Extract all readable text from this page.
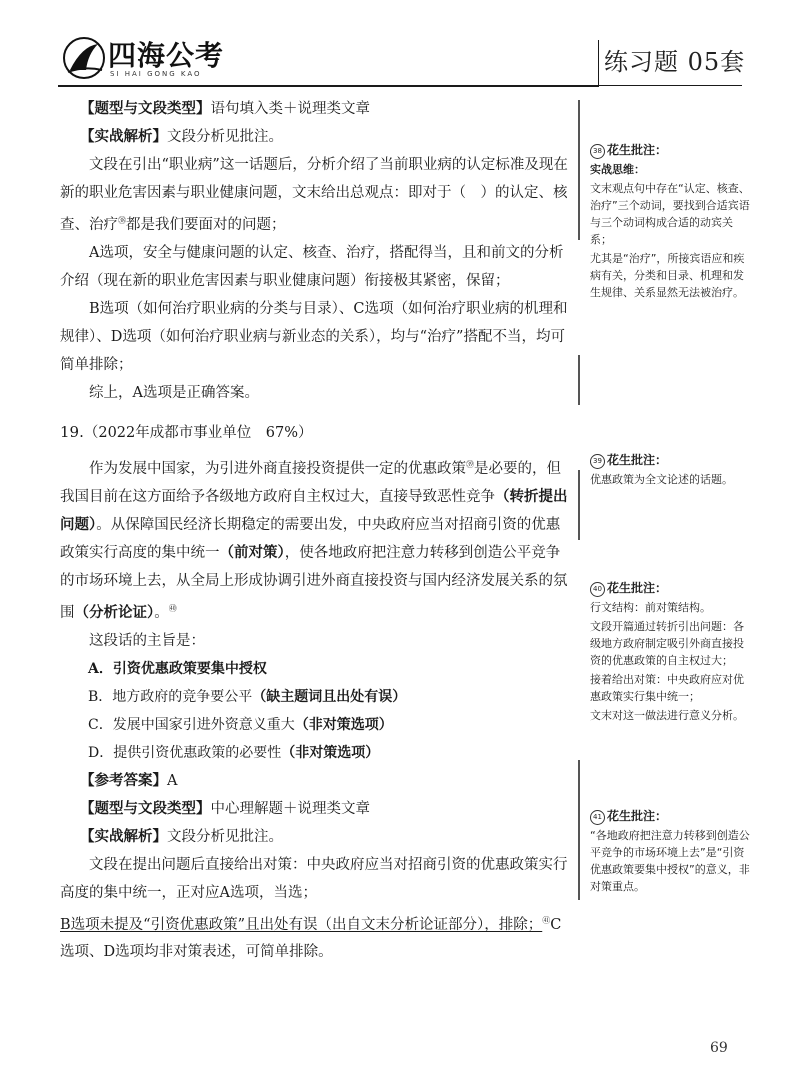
四海公考
SI HAI GONG KAO	练习题 05套

【题型与文段类型】语句填入类＋说理类文章

【实战解析】文段分析见批注。

文段在引出“职业病”这一话题后，分析介绍了当前职业病的认定标准及现在新的职业危害因素与职业健康问题，文末给出总观点：即对于（　）的认定、核查、治疗$^㊳$都是我们要面对的问题；

A选项，安全与健康问题的认定、核查、治疗，搭配得当，且和前文的分析介绍（现在新的职业危害因素与职业健康问题）衔接极其紧密，保留；

B选项（如何治疗职业病的分类与目录）、C选项（如何治疗职业病的机理和规律）、D选项（如何治疗职业病与新业态的关系），均与“治疗”搭配不当，均可简单排除；

综上，A选项是正确答案。

19.（2022年成都市事业单位　67%）

作为发展中国家，为引进外商直接投资提供一定的优惠政策$^㊴$是必要的，但我国目前在这方面给予各级地方政府自主权过大，直接导致恶性竞争（转折提出问题）。从保障国民经济长期稳定的需要出发，中央政府应当对招商引资的优惠政策实行高度的集中统一（前对策），使各地政府把注意力转移到创造公平竞争的市场环境上去，从全局上形成协调引进外商直接投资与国内经济发展关系的氛围（分析论证）。$^㊵$

这段话的主旨是：

A．引资优惠政策要集中授权

B．地方政府的竞争要公平（缺主题词且出处有误）

C．发展中国家引进外资意义重大（非对策选项）

D．提供引资优惠政策的必要性（非对策选项）

【参考答案】A

【题型与文段类型】中心理解题＋说理类文章

【实战解析】文段分析见批注。

文段在提出问题后直接给出对策：中央政府应当对招商引资的优惠政策实行高度的集中统一，正对应A选项，当选；

B选项未提及“引资优惠政策”且出处有误（出自文末分析论证部分），排除；$^㊶$C选项、D选项均非对策表述，可简单排除。

38 花生批注：
实战思维：
文末观点句中存在“认定、核查、治疗”三个动词，要找到合适宾语与三个动词构成合适的动宾关系；
尤其是“治疗”，所接宾语应和疾病有关，分类和目录、机理和发生规律、关系显然无法被治疗。
39 花生批注：
优惠政策为全文论述的话题。
40 花生批注：
行文结构：前对策结构。
文段开篇通过转折引出问题：各级地方政府制定吸引外商直接投资的优惠政策的自主权过大；
接着给出对策：中央政府应对优惠政策实行集中统一；
文末对这一做法进行意义分析。
41 花生批注：
“各地政府把注意力转移到创造公平竞争的市场环境上去”是“引资优惠政策要集中授权”的意义，非对策重点。
69
